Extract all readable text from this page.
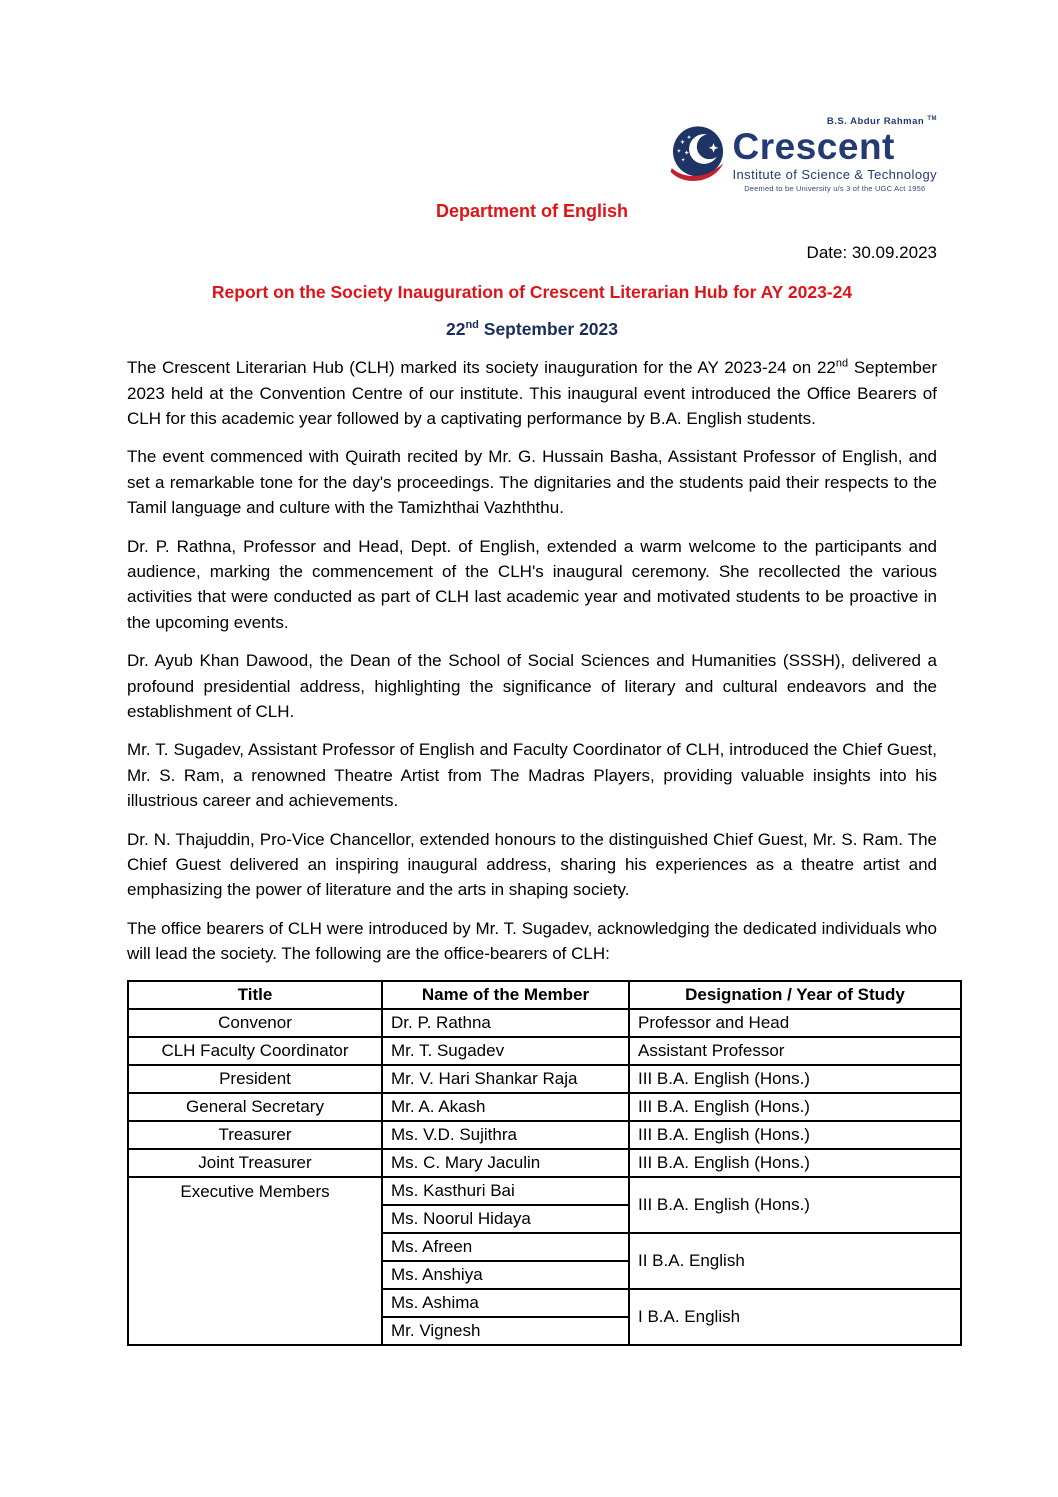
B.S. Abdur Rahman ™
Crescent
Institute of Science & Technology
Deemed to be University u/s 3 of the UGC Act 1956
Department of English
Date: 30.09.2023
Report on the Society Inauguration of Crescent Literarian Hub for AY 2023-24
22nd September 2023

The Crescent Literarian Hub (CLH) marked its society inauguration for the AY 2023-24 on 22nd September 2023 held at the Convention Centre of our institute. This inaugural event introduced the Office Bearers of CLH for this academic year followed by a captivating performance by B.A. English students.

The event commenced with Quirath recited by Mr. G. Hussain Basha, Assistant Professor of English, and set a remarkable tone for the day's proceedings. The dignitaries and the students paid their respects to the Tamil language and culture with the Tamizhthai Vazhththu.

Dr. P. Rathna, Professor and Head, Dept. of English, extended a warm welcome to the participants and audience, marking the commencement of the CLH's inaugural ceremony. She recollected the various activities that were conducted as part of CLH last academic year and motivated students to be proactive in the upcoming events.

Dr. Ayub Khan Dawood, the Dean of the School of Social Sciences and Humanities (SSSH), delivered a profound presidential address, highlighting the significance of literary and cultural endeavors and the establishment of CLH.

Mr. T. Sugadev, Assistant Professor of English and Faculty Coordinator of CLH, introduced the Chief Guest, Mr. S. Ram, a renowned Theatre Artist from The Madras Players, providing valuable insights into his illustrious career and achievements.

Dr. N. Thajuddin, Pro-Vice Chancellor, extended honours to the distinguished Chief Guest, Mr. S. Ram. The Chief Guest delivered an inspiring inaugural address, sharing his experiences as a theatre artist and emphasizing the power of literature and the arts in shaping society.

The office bearers of CLH were introduced by Mr. T. Sugadev, acknowledging the dedicated individuals who will lead the society. The following are the office-bearers of CLH:

Title	Name of the Member	Designation / Year of Study
Convenor	Dr. P. Rathna	Professor and Head
CLH Faculty Coordinator	Mr. T. Sugadev	Assistant Professor
President	Mr. V. Hari Shankar Raja	III B.A. English (Hons.)
General Secretary	Mr. A. Akash	III B.A. English (Hons.)
Treasurer	Ms. V.D. Sujithra	III B.A. English (Hons.)
Joint Treasurer	Ms. C. Mary Jaculin	III B.A. English (Hons.)
Executive Members	Ms. Kasthuri Bai	III B.A. English (Hons.)
	Ms. Noorul Hidaya	
	Ms. Afreen	II B.A. English
	Ms. Anshiya	
	Ms. Ashima	I B.A. English
	Mr. Vignesh	
